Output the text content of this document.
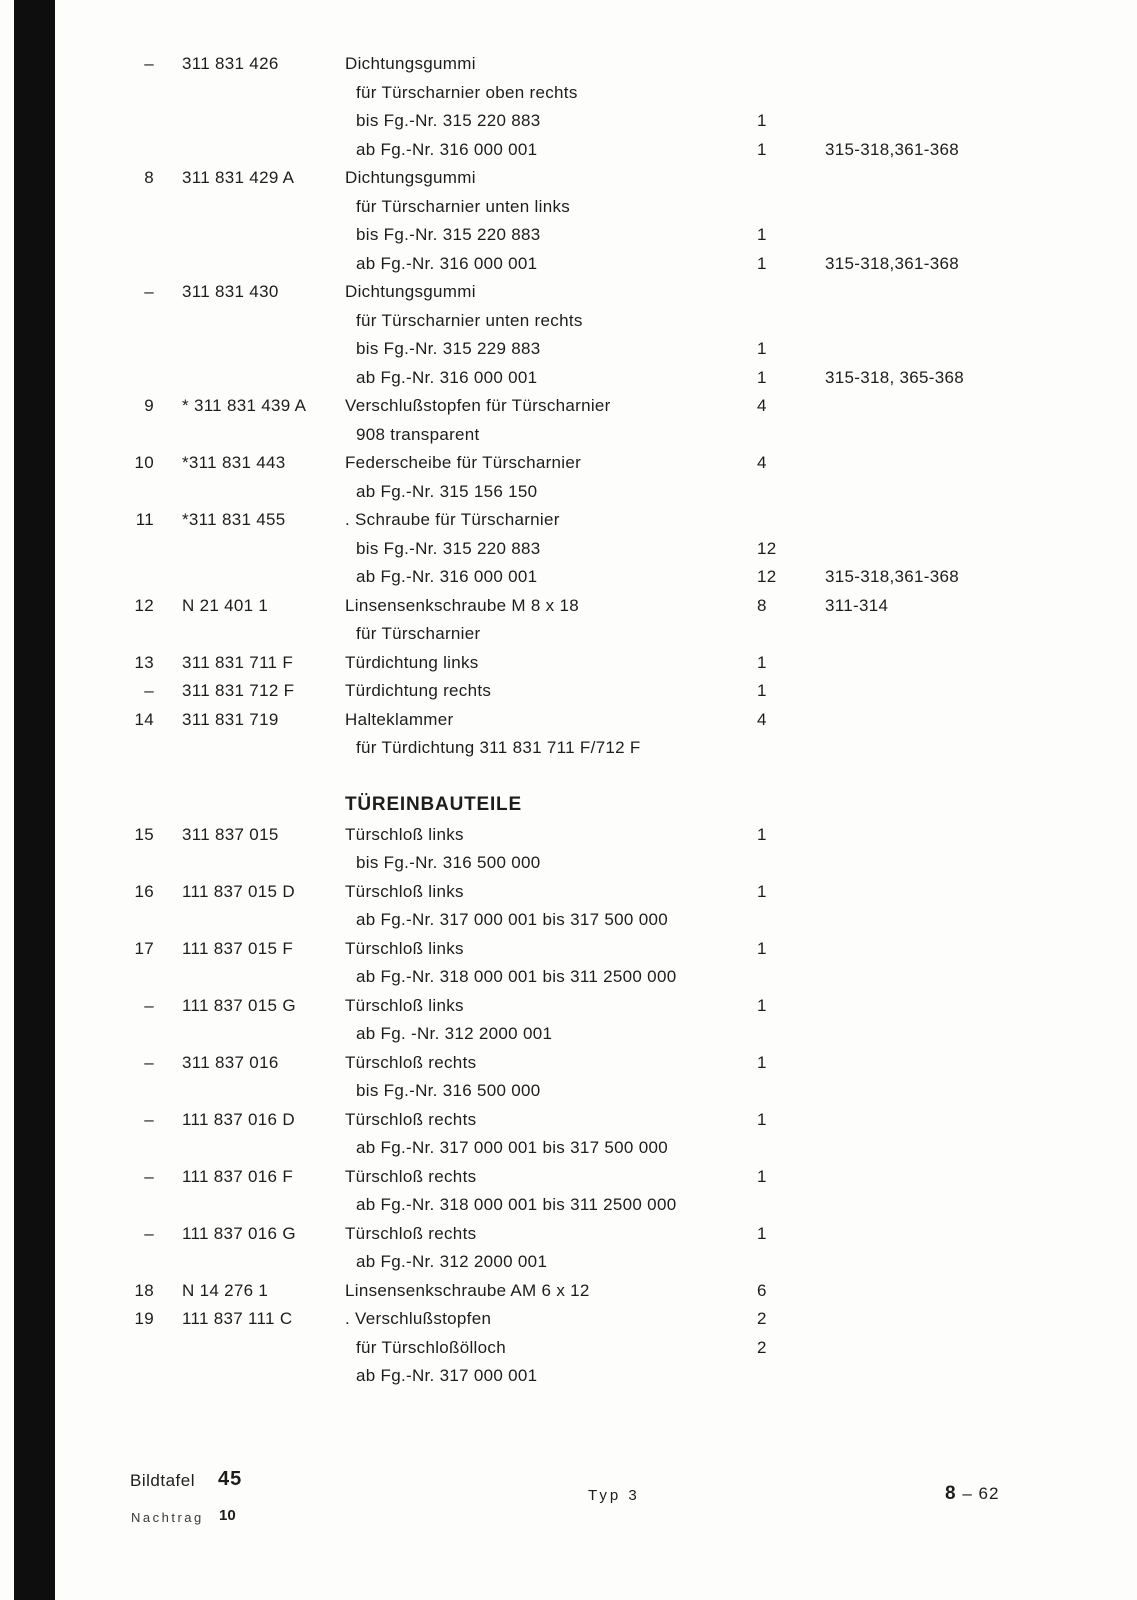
– 311 831 426	Dichtungsgummi
für Türscharnier oben rechts
bis Fg.-Nr. 315 220 883	1
ab Fg.-Nr. 316 000 001	1	315-318,361-368
8 311 831 429 A	Dichtungsgummi
für Türscharnier unten links
bis Fg.-Nr. 315 220 883	1
ab Fg.-Nr. 316 000 001	1	315-318,361-368
– 311 831 430	Dichtungsgummi
für Türscharnier unten rechts
bis Fg.-Nr. 315 229 883	1
ab Fg.-Nr. 316 000 001	1	315-318, 365-368
9 * 311 831 439 A	Verschlußstopfen für Türscharnier	4
908 transparent
10 *311 831 443	Federscheibe für Türscharnier	4
ab Fg.-Nr. 315 156 150
11 *311 831 455	. Schraube für Türscharnier
bis Fg.-Nr. 315 220 883	12
ab Fg.-Nr. 316 000 001	12	315-318,361-368
12 N 21 401 1	Linsensenkschraube M 8 x 18	8	311-314
für Türscharnier
13 311 831 711 F	Türdichtung links	1
– 311 831 712 F	Türdichtung rechts	1
14 311 831 719	Halteklammer	4
für Türdichtung 311 831 711 F/712 F
TÜREINBAUTEILE
15 311 837 015	Türschloß links	1
bis Fg.-Nr. 316 500 000
16 111 837 015 D	Türschloß links	1
ab Fg.-Nr. 317 000 001 bis 317 500 000
17 111 837 015 F	Türschloß links	1
ab Fg.-Nr. 318 000 001 bis 311 2500 000
– 111 837 015 G	Türschloß links	1
ab Fg. -Nr. 312 2000 001
– 311 837 016	Türschloß rechts	1
bis Fg.-Nr. 316 500 000
– 111 837 016 D	Türschloß rechts	1
ab Fg.-Nr. 317 000 001 bis 317 500 000
– 111 837 016 F	Türschloß rechts	1
ab Fg.-Nr. 318 000 001 bis 311 2500 000
– 111 837 016 G	Türschloß rechts	1
ab Fg.-Nr. 312 2000 001
18 N 14 276 1	Linsensenkschraube AM 6 x 12	6
19 111 837 111 C	. Verschlußstopfen	2
für Türschloßölloch	2
ab Fg.-Nr. 317 000 001
Bildtafel 45
Nachtrag 10
Typ 3	8 – 62
